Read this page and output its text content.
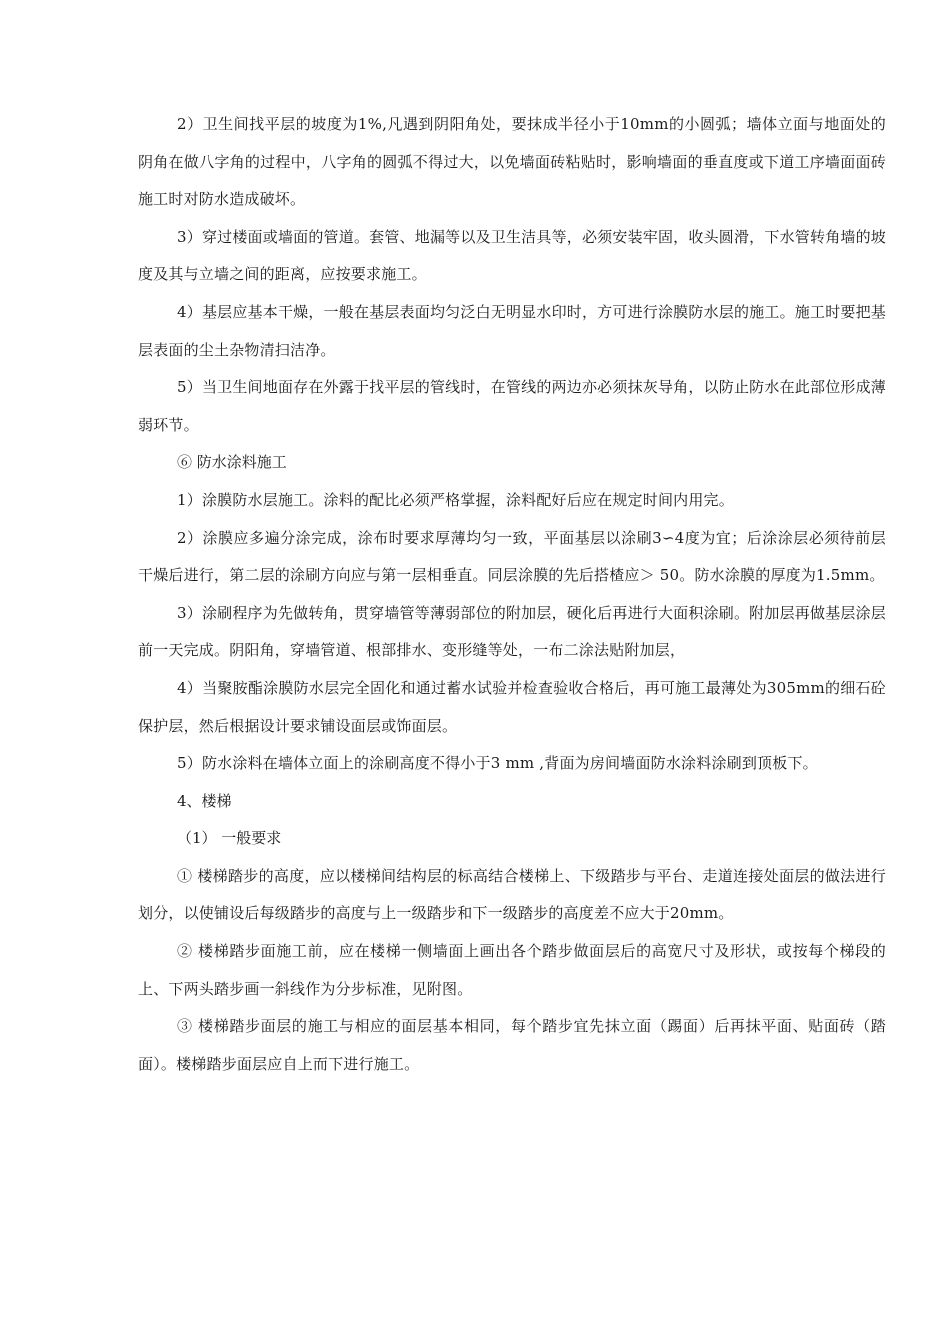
2）卫生间找平层的坡度为1%,凡遇到阴阳角处，要抹成半径小于10mm的小圆弧；墙体立面与地面处的阴角在做八字角的过程中，八字角的圆弧不得过大，以免墙面砖粘贴时，影响墙面的垂直度或下道工序墙面面砖施工时对防水造成破坏。

3）穿过楼面或墙面的管道。套管、地漏等以及卫生洁具等，必须安装牢固，收头圆滑，下水管转角墙的坡度及其与立墙之间的距离，应按要求施工。

4）基层应基本干燥，一般在基层表面均匀泛白无明显水印时，方可进行涂膜防水层的施工。施工时要把基层表面的尘土杂物清扫洁净。

5）当卫生间地面存在外露于找平层的管线时，在管线的两边亦必须抹灰导角，以防止防水在此部位形成薄弱环节。

⑥ 防水涂料施工

1）涂膜防水层施工。涂料的配比必须严格掌握，涂料配好后应在规定时间内用完。

2）涂膜应多遍分涂完成，涂布时要求厚薄均匀一致，平面基层以涂刷3∽4度为宜；后涂涂层必须待前层干燥后进行，第二层的涂刷方向应与第一层相垂直。同层涂膜的先后搭楂应＞ 50。防水涂膜的厚度为1.5mm。

3）涂刷程序为先做转角，贯穿墙管等薄弱部位的附加层，硬化后再进行大面积涂刷。附加层再做基层涂层前一天完成。阴阳角，穿墙管道、根部排水、变形缝等处，一布二涂法贴附加层，

4）当聚胺酯涂膜防水层完全固化和通过蓄水试验并检查验收合格后，再可施工最薄处为305mm的细石砼保护层，然后根据设计要求铺设面层或饰面层。

5）防水涂料在墙体立面上的涂刷高度不得小于3 mm ,背面为房间墙面防水涂料涂刷到顶板下。

4、楼梯

（1） 一般要求

① 楼梯踏步的高度，应以楼梯间结构层的标高结合楼梯上、下级踏步与平台、走道连接处面层的做法进行划分，以使铺设后每级踏步的高度与上一级踏步和下一级踏步的高度差不应大于20mm。

② 楼梯踏步面施工前，应在楼梯一侧墙面上画出各个踏步做面层后的高宽尺寸及形状，或按每个梯段的上、下两头踏步画一斜线作为分步标准，见附图。

③ 楼梯踏步面层的施工与相应的面层基本相同，每个踏步宜先抹立面（踢面）后再抹平面、贴面砖（踏面）。楼梯踏步面层应自上而下进行施工。
